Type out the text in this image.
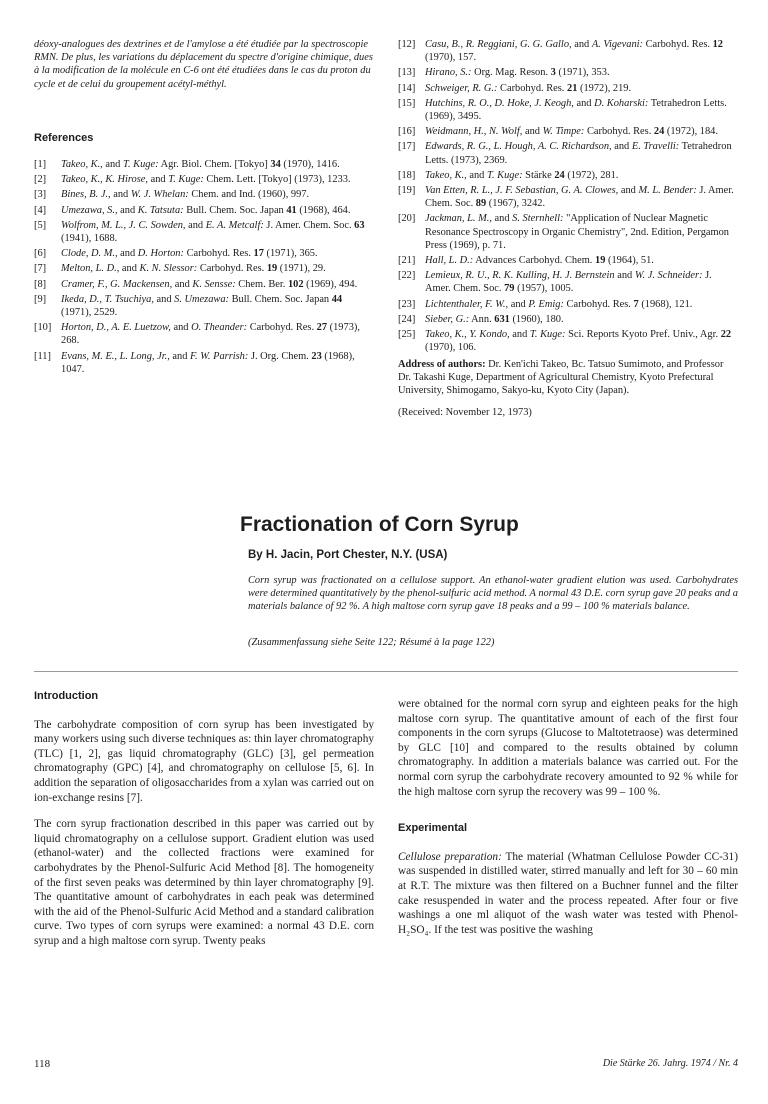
déoxy-analogues des dextrines et de l'amylose a été étudiée par la spectroscopie RMN. De plus, les variations du déplacement du spectre d'origine chimique, dues à la modification de la molécule en C-6 ont été étudiées dans le cas du proton du cycle et de celui du groupement acétyl-méthyl.
References
[1] Takeo, K., and T. Kuge: Agr. Biol. Chem. [Tokyo] 34 (1970), 1416.
[2] Takeo, K., K. Hirose, and T. Kuge: Chem. Lett. [Tokyo] (1973), 1233.
[3] Bines, B. J., and W. J. Whelan: Chem. and Ind. (1960), 997.
[4] Umezawa, S., and K. Tatsuta: Bull. Chem. Soc. Japan 41 (1968), 464.
[5] Wolfrom, M. L., J. C. Sowden, and E. A. Metcalf: J. Amer. Chem. Soc. 63 (1941), 1688.
[6] Clode, D. M., and D. Horton: Carbohyd. Res. 17 (1971), 365.
[7] Melton, L. D., and K. N. Slessor: Carbohyd. Res. 19 (1971), 29.
[8] Cramer, F., G. Mackensen, and K. Sensse: Chem. Ber. 102 (1969), 494.
[9] Ikeda, D., T. Tsuchiya, and S. Umezawa: Bull. Chem. Soc. Japan 44 (1971), 2529.
[10] Horton, D., A. E. Luetzow, and O. Theander: Carbohyd. Res. 27 (1973), 268.
[11] Evans, M. E., L. Long, Jr., and F. W. Parrish: J. Org. Chem. 23 (1968), 1047.
[12] Casu, B., R. Reggiani, G. G. Gallo, and A. Vigevani: Carbohyd. Res. 12 (1970), 157.
[13] Hirano, S.: Org. Mag. Reson. 3 (1971), 353.
[14] Schweiger, R. G.: Carbohyd. Res. 21 (1972), 219.
[15] Hutchins, R. O., D. Hoke, J. Keogh, and D. Koharski: Tetrahedron Letts. (1969), 3495.
[16] Weidmann, H., N. Wolf, and W. Timpe: Carbohyd. Res. 24 (1972), 184.
[17] Edwards, R. G., L. Hough, A. C. Richardson, and E. Travelli: Tetrahedron Letts. (1973), 2369.
[18] Takeo, K., and T. Kuge: Stärke 24 (1972), 281.
[19] Van Etten, R. L., J. F. Sebastian, G. A. Clowes, and M. L. Bender: J. Amer. Chem. Soc. 89 (1967), 3242.
[20] Jackman, L. M., and S. Sternhell: "Application of Nuclear Magnetic Resonance Spectroscopy in Organic Chemistry", 2nd. Edition, Pergamon Press (1969), p. 71.
[21] Hall, L. D.: Advances Carbohyd. Chem. 19 (1964), 51.
[22] Lemieux, R. U., R. K. Kulling, H. J. Bernstein and W. J. Schneider: J. Amer. Chem. Soc. 79 (1957), 1005.
[23] Lichtenthaler, F. W., and P. Emig: Carbohyd. Res. 7 (1968), 121.
[24] Sieber, G.: Ann. 631 (1960), 180.
[25] Takeo, K., Y. Kondo, and T. Kuge: Sci. Reports Kyoto Pref. Univ., Agr. 22 (1970), 106.

Address of authors: Dr. Ken'ichi Takeo, Bc. Tatsuo Sumimoto, and Professor Dr. Takashi Kuge, Department of Agricultural Chemistry, Kyoto Prefectural University, Shimogamo, Sakyo-ku, Kyoto City (Japan).

(Received: November 12, 1973)

Fractionation of Corn Syrup
By H. Jacin, Port Chester, N.Y. (USA)
Corn syrup was fractionated on a cellulose support. An ethanol-water gradient elution was used. Carbohydrates were determined quantitatively by the phenol-sulfuric acid method. A normal 43 D.E. corn syrup gave 20 peaks and a materials balance of 92 %. A high maltose corn syrup gave 18 peaks and a 99 – 100 % materials balance.
(Zusammenfassung siehe Seite 122; Résumé à la page 122)
Introduction

The carbohydrate composition of corn syrup has been investigated by many workers using such diverse techniques as: thin layer chromatography (TLC) [1, 2], gas liquid chromatography (GLC) [3], gel permeation chromatography (GPC) [4], and chromatography on cellulose [5, 6]. In addition the separation of oligosaccharides from a xylan was carried out on ion-exchange resins [7].

The corn syrup fractionation described in this paper was carried out by liquid chromatography on a cellulose support. Gradient elution was used (ethanol-water) and the collected fractions were examined for carbohydrates by the Phenol-Sulfuric Acid Method [8]. The homogeneity of the first seven peaks was determined by thin layer chromatography [9]. The quantitative amount of carbohydrates in each peak was determined with the aid of the Phenol-Sulfuric Acid Method and a standard calibration curve. Two types of corn syrups were examined: a normal 43 D.E. corn syrup and a high maltose corn syrup. Twenty peaks

were obtained for the normal corn syrup and eighteen peaks for the high maltose corn syrup. The quantitative amount of each of the first four components in the corn syrups (Glucose to Maltotetraose) was determined by GLC [10] and compared to the results obtained by column chromatography. In addition a materials balance was carried out. For the normal corn syrup the carbohydrate recovery amounted to 92 % while for the high maltose corn syrup the recovery was 99 – 100 %.

Experimental

Cellulose preparation: The material (Whatman Cellulose Powder CC-31) was suspended in distilled water, stirred manually and left for 30 – 60 min at R.T. The mixture was then filtered on a Buchner funnel and the filter cake resuspended in water and the process repeated. After four or five washings a one ml aliquot of the wash water was tested with Phenol-H₂SO₄. If the test was positive the washing

118	Die Stärke 26. Jahrg. 1974 / Nr. 4
